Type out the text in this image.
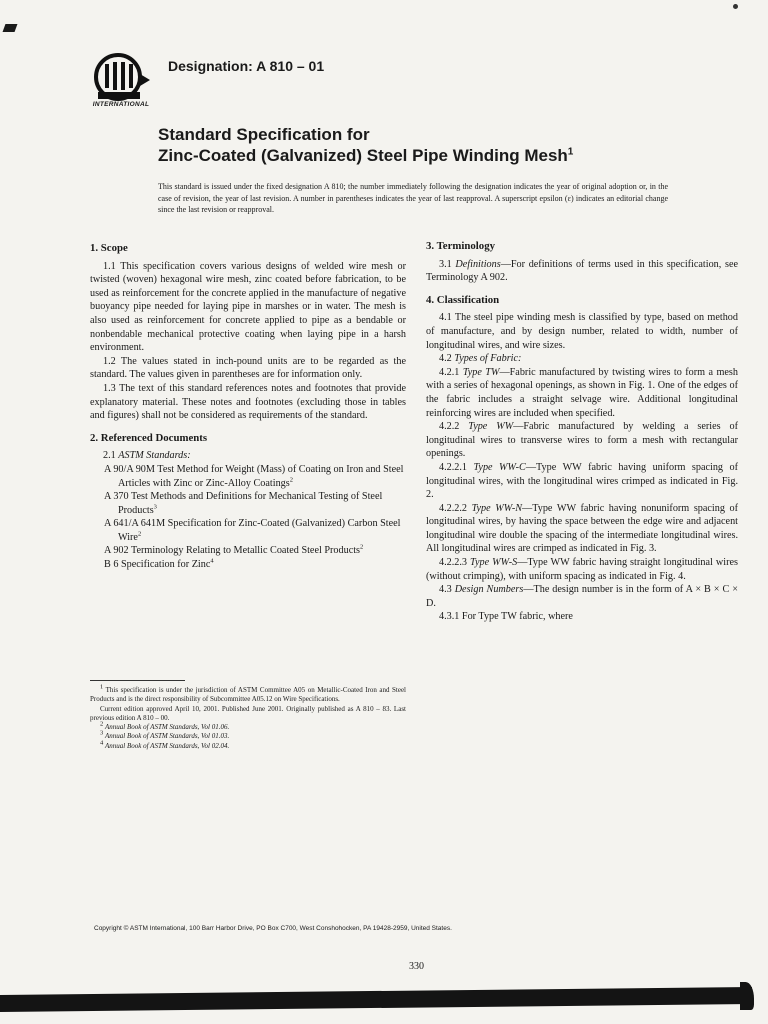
INTERNATIONAL
Designation: A 810 – 01
Standard Specification for
Zinc-Coated (Galvanized) Steel Pipe Winding Mesh$^1$
This standard is issued under the fixed designation A 810; the number immediately following the designation indicates the year of original adoption or, in the case of revision, the year of last revision. A number in parentheses indicates the year of last reapproval. A superscript epsilon (ε) indicates an editorial change since the last revision or reapproval.
1. Scope

1.1 This specification covers various designs of welded wire mesh or twisted (woven) hexagonal wire mesh, zinc coated before fabrication, to be used as reinforcement for the concrete applied in the manufacture of negative buoyancy pipe needed for laying pipe in marshes or in water. The mesh is also used as reinforcement for concrete applied to pipe as a bendable or nonbendable mechanical protective coating when laying pipe in a harsh environment.

1.2 The values stated in inch-pound units are to be regarded as the standard. The values given in parentheses are for information only.

1.3 The text of this standard references notes and footnotes that provide explanatory material. These notes and footnotes (excluding those in tables and figures) shall not be considered as requirements of the standard.

2. Referenced Documents

2.1 ASTM Standards:

A 90/A 90M Test Method for Weight (Mass) of Coating on Iron and Steel Articles with Zinc or Zinc-Alloy Coatings$^2$

A 370 Test Methods and Definitions for Mechanical Testing of Steel Products$^3$

A 641/A 641M Specification for Zinc-Coated (Galvanized) Carbon Steel Wire$^2$

A 902 Terminology Relating to Metallic Coated Steel Products$^2$

B 6 Specification for Zinc$^4$

$^1$ This specification is under the jurisdiction of ASTM Committee A05 on Metallic-Coated Iron and Steel Products and is the direct responsibility of Subcommittee A05.12 on Wire Specifications.

Current edition approved April 10, 2001. Published June 2001. Originally published as A 810 – 83. Last previous edition A 810 – 00.

$^2$ Annual Book of ASTM Standards, Vol 01.06.

$^3$ Annual Book of ASTM Standards, Vol 01.03.

$^4$ Annual Book of ASTM Standards, Vol 02.04.

3. Terminology

3.1 Definitions—For definitions of terms used in this specification, see Terminology A 902.

4. Classification

4.1 The steel pipe winding mesh is classified by type, based on method of manufacture, and by design number, related to width, number of longitudinal wires, and wire sizes.

4.2 Types of Fabric:

4.2.1 Type TW—Fabric manufactured by twisting wires to form a mesh with a series of hexagonal openings, as shown in Fig. 1. One of the edges of the fabric includes a straight selvage wire. Additional longitudinal reinforcing wires are included when specified.

4.2.2 Type WW—Fabric manufactured by welding a series of longitudinal wires to transverse wires to form a mesh with rectangular openings.

4.2.2.1 Type WW-C—Type WW fabric having uniform spacing of longitudinal wires, with the longitudinal wires crimped as indicated in Fig. 2.

4.2.2.2 Type WW-N—Type WW fabric having nonuniform spacing of longitudinal wires, by having the space between the edge wire and adjacent longitudinal wire double the spacing of the intermediate longitudinal wires. All longitudinal wires are crimped as indicated in Fig. 3.

4.2.2.3 Type WW-S—Type WW fabric having straight longitudinal wires (without crimping), with uniform spacing as indicated in Fig. 4.

4.3 Design Numbers—The design number is in the form of A × B × C × D.

4.3.1 For Type TW fabric, where

Copyright © ASTM International, 100 Barr Harbor Drive, PO Box C700, West Conshohocken, PA 19428-2959, United States.
330
